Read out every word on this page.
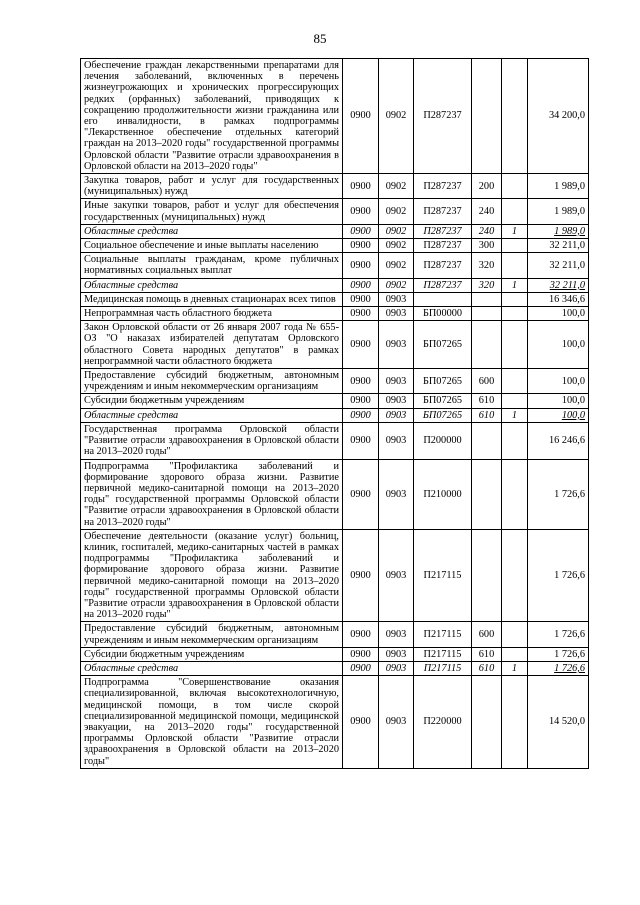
85
Обеспечение граждан лекарственными препаратами для лечения заболеваний, включенных в перечень жизнеугрожающих и хронических прогрессирующих редких (орфанных) заболеваний, приводящих к сокращению продолжительности жизни гражданина или его инвалидности, в рамках подпрограммы "Лекарственное обеспечение отдельных категорий граждан на 2013–2020 годы" государственной программы Орловской области "Развитие отрасли здравоохранения в Орловской области на 2013–2020 годы"	0900	0902	П287237			34 200,0
Закупка товаров, работ и услуг для государственных (муниципальных) нужд	0900	0902	П287237	200		1 989,0
Иные закупки товаров, работ и услуг для обеспечения государственных (муниципальных) нужд	0900	0902	П287237	240		1 989,0
Областные средства	0900	0902	П287237	240	1	1 989,0
Социальное обеспечение и иные выплаты населению	0900	0902	П287237	300		32 211,0
Социальные выплаты гражданам, кроме публичных нормативных социальных выплат	0900	0902	П287237	320		32 211,0
Областные средства	0900	0902	П287237	320	1	32 211,0
Медицинская помощь в дневных стационарах всех типов	0900	0903				16 346,6
Непрограммная часть областного бюджета	0900	0903	БП00000			100,0
Закон Орловской области от 26 января 2007 года № 655-ОЗ "О наказах избирателей депутатам Орловского областного Совета народных депутатов" в рамках непрограммной части областного бюджета	0900	0903	БП07265			100,0
Предоставление субсидий бюджетным, автономным учреждениям и иным некоммерческим организациям	0900	0903	БП07265	600		100,0
Субсидии бюджетным учреждениям	0900	0903	БП07265	610		100,0
Областные средства	0900	0903	БП07265	610	1	100,0
Государственная программа Орловской области "Развитие отрасли здравоохранения в Орловской области на 2013–2020 годы"	0900	0903	П200000			16 246,6
Подпрограмма "Профилактика заболеваний и формирование здорового образа жизни. Развитие первичной медико-санитарной помощи на 2013–2020 годы" государственной программы Орловской области "Развитие отрасли здравоохранения в Орловской области на 2013–2020 годы"	0900	0903	П210000			1 726,6
Обеспечение деятельности (оказание услуг) больниц, клиник, госпиталей, медико-санитарных частей в рамках подпрограммы "Профилактика заболеваний и формирование здорового образа жизни. Развитие первичной медико-санитарной помощи на 2013–2020 годы" государственной программы Орловской области "Развитие отрасли здравоохранения в Орловской области на 2013–2020 годы"	0900	0903	П217115			1 726,6
Предоставление субсидий бюджетным, автономным учреждениям и иным некоммерческим организациям	0900	0903	П217115	600		1 726,6
Субсидии бюджетным учреждениям	0900	0903	П217115	610		1 726,6
Областные средства	0900	0903	П217115	610	1	1 726,6
Подпрограмма "Совершенствование оказания специализированной, включая высокотехнологичную, медицинской помощи, в том числе скорой специализированной медицинской помощи, медицинской эвакуации, на 2013–2020 годы" государственной программы Орловской области "Развитие отрасли здравоохранения в Орловской области на 2013–2020 годы"	0900	0903	П220000			14 520,0
